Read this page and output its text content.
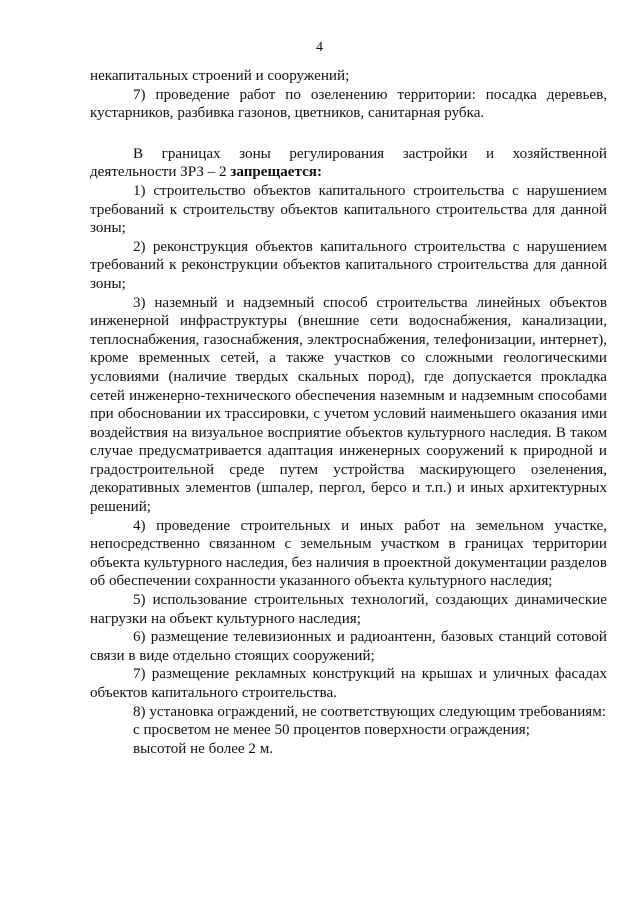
4

некапитальных строений и сооружений;

7) проведение работ по озеленению территории: посадка деревьев, кустарников, разбивка газонов, цветников, санитарная рубка.

В границах зоны регулирования застройки и хозяйственной деятельности ЗРЗ – 2 запрещается:

1) строительство объектов капитального строительства с нарушением требований к строительству объектов капитального строительства для данной зоны;

2) реконструкция объектов капитального строительства с нарушением требований к реконструкции объектов капитального строительства для данной зоны;

3) наземный и надземный способ строительства линейных объектов инженерной инфраструктуры (внешние сети водоснабжения, канализации, теплоснабжения, газоснабжения, электроснабжения, телефонизации, интернет), кроме временных сетей, а также участков со сложными геологическими условиями (наличие твердых скальных пород), где допускается прокладка сетей инженерно-технического обеспечения наземным и надземным способами при обосновании их трассировки, с учетом условий наименьшего оказания ими воздействия на визуальное восприятие объектов культурного наследия. В таком случае предусматривается адаптация инженерных сооружений к природной и градостроительной среде путем устройства маскирующего озеленения, декоративных элементов (шпалер, пергол, берсо и т.п.) и иных архитектурных решений;

4) проведение строительных и иных работ на земельном участке, непосредственно связанном с земельным участком в границах территории объекта культурного наследия, без наличия в проектной документации разделов об обеспечении сохранности указанного объекта культурного наследия;

5) использование строительных технологий, создающих динамические нагрузки на объект культурного наследия;

6) размещение телевизионных и радиоантенн, базовых станций сотовой связи в виде отдельно стоящих сооружений;

7) размещение рекламных конструкций на крышах и уличных фасадах объектов капитального строительства.

8) установка ограждений, не соответствующих следующим требованиям:

с просветом не менее 50 процентов поверхности ограждения;

высотой не более 2 м.
